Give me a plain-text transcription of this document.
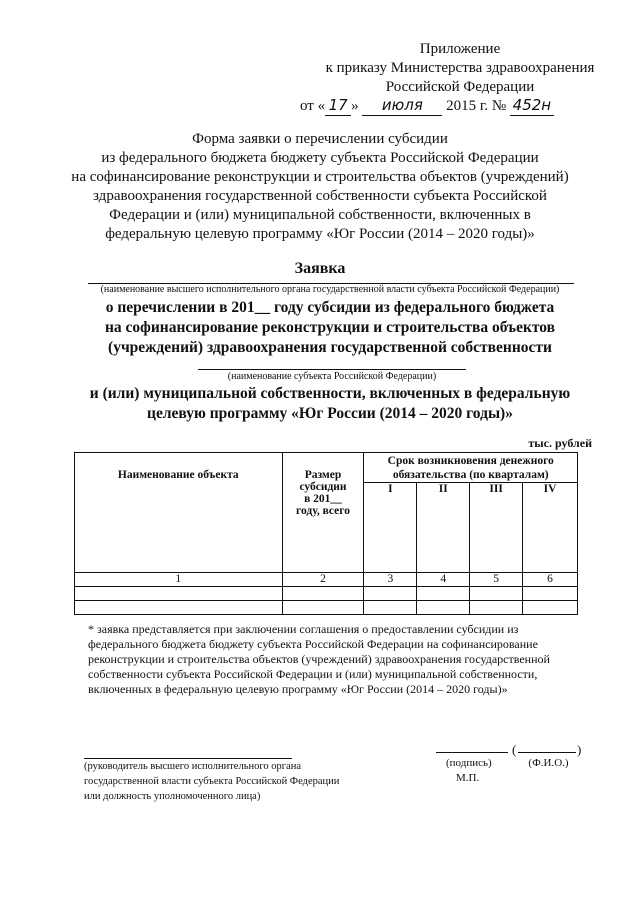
Приложение
к приказу Министерства здравоохранения
Российской Федерации
от « 17 » июля 2015 г. № 452н
Форма заявки о перечислении субсидии
из федерального бюджета бюджету субъекта Российской Федерации
на софинансирование реконструкции и строительства объектов (учреждений)
здравоохранения государственной собственности субъекта Российской
Федерации и (или) муниципальной собственности, включенных в
федеральную целевую программу «Юг России (2014 – 2020 годы)»
Заявка
(наименование высшего исполнительного органа государственной власти субъекта Российской Федерации)
о перечислении в 201__ году субсидии из федерального бюджета
на софинансирование реконструкции и строительства объектов
(учреждений) здравоохранения государственной собственности
(наименование субъекта Российской Федерации)
и (или) муниципальной собственности, включенных в федеральную
целевую программу «Юг России (2014 – 2020 годы)»
тыс. рублей
Наименование объекта	Размер
субсидии
в 201__
году, всего	Срок возникновения денежного обязательства (по кварталам)			
		I	II	III	IV
1	2	3	4	5	6

* заявка представляется при заключении соглашения о предоставлении субсидии из федерального бюджета бюджету субъекта Российской Федерации на софинансирование реконструкции и строительства объектов (учреждений) здравоохранения государственной собственности субъекта Российской Федерации и (или) муниципальной собственности, включенных в федеральную целевую программу «Юг России (2014 – 2020 годы)»
(руководитель высшего исполнительного органа
государственной власти субъекта Российской Федерации
или должность уполномоченного лица)
(	)
(подпись)	(Ф.И.О.)
М.П.
